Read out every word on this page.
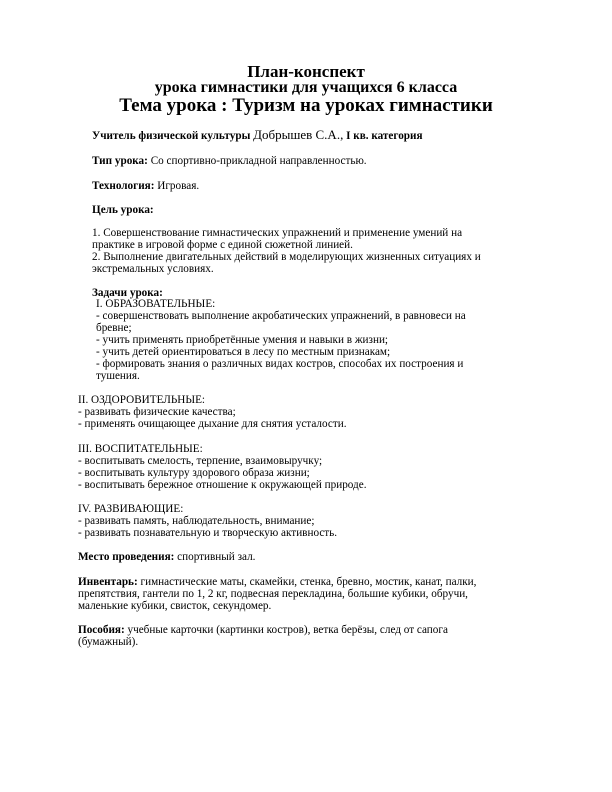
План-конспект
урока гимнастики для учащихся 6 класса
Тема урока : Туризм на уроках гимнастики
Учитель физической культуры Добрышев С.А., I кв. категория
Тип урока: Со спортивно-прикладной направленностью.
Технология: Игровая.
Цель урока:
1. Совершенствование гимнастических упражнений и применение умений на
практике в игровой форме с единой сюжетной линией.
2. Выполнение двигательных действий в моделирующих жизненных ситуациях и
экстремальных условиях.
Задачи урока:
I. ОБРАЗОВАТЕЛЬНЫЕ:
- совершенствовать выполнение акробатических упражнений, в равновеси на
бревне;
- учить применять приобретённые умения и навыки в жизни;
- учить детей ориентироваться в лесу по местным признакам;
- формировать знания о различных видах костров, способах их построения и
тушения.
II. ОЗДОРОВИТЕЛЬНЫЕ:
- развивать физические качества;
- применять очищающее дыхание для снятия усталости.
III. ВОСПИТАТЕЛЬНЫЕ:
- воспитывать смелость, терпение, взаимовыручку;
- воспитывать культуру здорового образа жизни;
- воспитывать бережное отношение к окружающей природе.
IV. РАЗВИВАЮЩИЕ:
- развивать память, наблюдательность, внимание;
- развивать познавательную и творческую активность.
Место проведения: спортивный зал.
Инвентарь: гимнастические маты, скамейки, стенка, бревно, мостик, канат, палки,
препятствия, гантели по 1, 2 кг, подвесная перекладина, большие кубики, обручи,
маленькие кубики, свисток, секундомер.
Пособия: учебные карточки (картинки костров), ветка берёзы, след от сапога
(бумажный).
